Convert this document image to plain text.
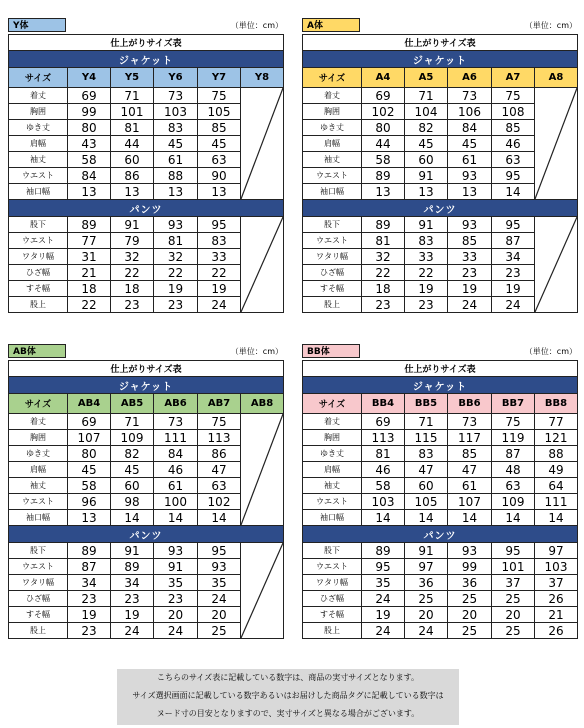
Y体	（単位：cm）
仕上がりサイズ表					
ジャケット					
サイズ	Y4	Y5	Y6	Y7	Y8
着丈	69	71	73	75	

胸囲	99	101	103	105	
ゆき丈	80	81	83	85	
肩幅	43	44	45	45	
袖丈	58	60	61	63	
ウエスト	84	86	88	90	
袖口幅	13	13	13	13	
パンツ					
股下	89	91	93	95	

ウエスト	77	79	81	83	
ワタリ幅	31	32	32	33	
ひざ幅	21	22	22	22	
すそ幅	18	18	19	19	
股上	22	23	23	24	
A体	（単位：cm）
仕上がりサイズ表					
ジャケット					
サイズ	A4	A5	A6	A7	A8
着丈	69	71	73	75	

胸囲	102	104	106	108	
ゆき丈	80	82	84	85	
肩幅	44	45	45	46	
袖丈	58	60	61	63	
ウエスト	89	91	93	95	
袖口幅	13	13	13	14	
パンツ					
股下	89	91	93	95	

ウエスト	81	83	85	87	
ワタリ幅	32	33	33	34	
ひざ幅	22	22	23	23	
すそ幅	18	19	19	19	
股上	23	23	24	24	
AB体	（単位：cm）
仕上がりサイズ表					
ジャケット					
サイズ	AB4	AB5	AB6	AB7	AB8
着丈	69	71	73	75	

胸囲	107	109	111	113	
ゆき丈	80	82	84	86	
肩幅	45	45	46	47	
袖丈	58	60	61	63	
ウエスト	96	98	100	102	
袖口幅	13	14	14	14	
パンツ					
股下	89	91	93	95	

ウエスト	87	89	91	93	
ワタリ幅	34	34	35	35	
ひざ幅	23	23	23	24	
すそ幅	19	19	20	20	
股上	23	24	24	25	
BB体	（単位：cm）
仕上がりサイズ表					
ジャケット					
サイズ	BB4	BB5	BB6	BB7	BB8
着丈	69	71	73	75	77
胸囲	113	115	117	119	121
ゆき丈	81	83	85	87	88
肩幅	46	47	47	48	49
袖丈	58	60	61	63	64
ウエスト	103	105	107	109	111
袖口幅	14	14	14	14	14
パンツ					
股下	89	91	93	95	97
ウエスト	95	97	99	101	103
ワタリ幅	35	36	36	37	37
ひざ幅	24	25	25	25	26
すそ幅	19	20	20	20	21
股上	24	24	25	25	26
こちらのサイズ表に記載している数字は、商品の実寸サイズとなります。
サイズ選択画面に記載している数字あるいはお届けした商品タグに記載している数字は
ヌード寸の目安となりますので、実寸サイズと異なる場合がございます。
